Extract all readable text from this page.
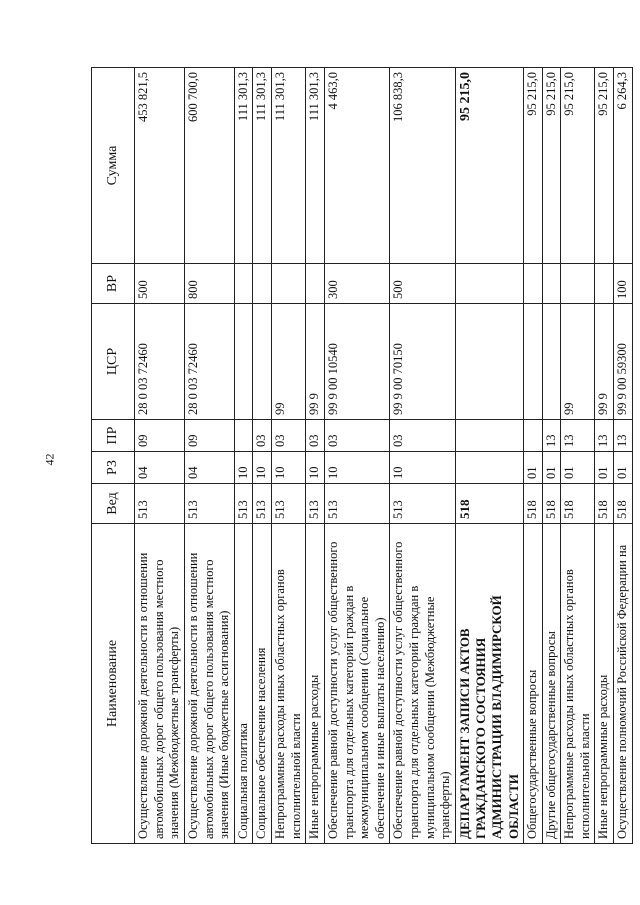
42
Наименование	Вед	РЗ	ПР	ЦСР	ВР	Сумма
Осуществление дорожной деятельности в отношении автомобильных дорог общего пользования местного значения (Межбюджетные трансферты)	513	04	09	28 0 03 72460	500	453 821,5
Осуществление дорожной деятельности в отношении автомобильных дорог общего пользования местного значения (Иные бюджетные ассигнования)	513	04	09	28 0 03 72460	800	600 700,0
Социальная политика	513	10				111 301,3
Социальное обеспечение населения	513	10	03			111 301,3
Непрограммные расходы иных областных органов исполнительной власти	513	10	03	99		111 301,3
Иные непрограммные расходы	513	10	03	99 9		111 301,3
Обеспечение равной доступности услуг общественного транспорта для отдельных категорий граждан в межмуниципальном сообщении (Социальное обеспечение и иные выплаты населению)	513	10	03	99 9 00 10540	300	4 463,0
Обеспечение равной доступности услуг общественного транспорта для отдельных категорий граждан в муниципальном сообщении (Межбюджетные трансферты)	513	10	03	99 9 00 70150	500	106 838,3
ДЕПАРТАМЕНТ ЗАПИСИ АКТОВ ГРАЖДАНСКОГО СОСТОЯНИЯ АДМИНИСТРАЦИИ ВЛАДИМИРСКОЙ ОБЛАСТИ	518					95 215,0
Общегосударственные вопросы	518	01				95 215,0
Другие общегосударственные вопросы	518	01	13			95 215,0
Непрограммные расходы иных областных органов исполнительной власти	518	01	13	99		95 215,0
Иные непрограммные расходы	518	01	13	99 9		95 215,0
Осуществление полномочий Российской Федерации на	518	01	13	99 9 00 59300	100	6 264,3
